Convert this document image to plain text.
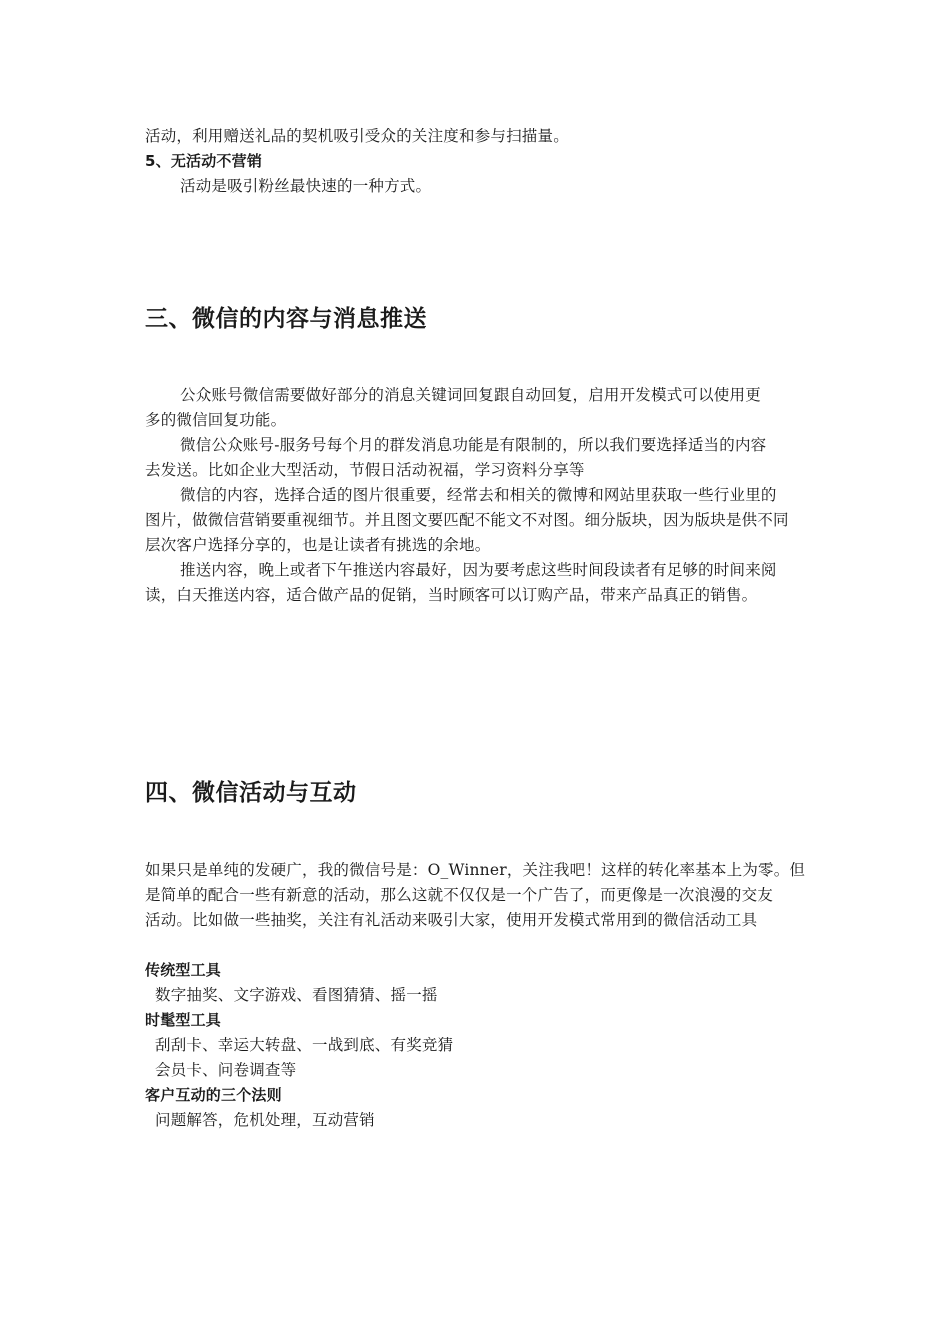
活动，利用赠送礼品的契机吸引受众的关注度和参与扫描量。
5、无活动不营销
活动是吸引粉丝最快速的一种方式。
三、微信的内容与消息推送
公众账号微信需要做好部分的消息关键词回复跟自动回复，启用开发模式可以使用更
多的微信回复功能。
微信公众账号-服务号每个月的群发消息功能是有限制的，所以我们要选择适当的内容
去发送。比如企业大型活动，节假日活动祝福，学习资料分享等
微信的内容，选择合适的图片很重要，经常去和相关的微博和网站里获取一些行业里的
图片，做微信营销要重视细节。并且图文要匹配不能文不对图。细分版块，因为版块是供不同
层次客户选择分享的，也是让读者有挑选的余地。
推送内容，晚上或者下午推送内容最好，因为要考虑这些时间段读者有足够的时间来阅
读，白天推送内容，适合做产品的促销，当时顾客可以订购产品，带来产品真正的销售。
四、微信活动与互动
如果只是单纯的发硬广，我的微信号是：O_Winner，关注我吧！这样的转化率基本上为零。但
是简单的配合一些有新意的活动，那么这就不仅仅是一个广告了，而更像是一次浪漫的交友
活动。比如做一些抽奖，关注有礼活动来吸引大家，使用开发模式常用到的微信活动工具
传统型工具
数字抽奖、文字游戏、看图猜猜、摇一摇
时髦型工具
刮刮卡、幸运大转盘、一战到底、有奖竞猜
会员卡、问卷调查等
客户互动的三个法则
问题解答，危机处理，互动营销
